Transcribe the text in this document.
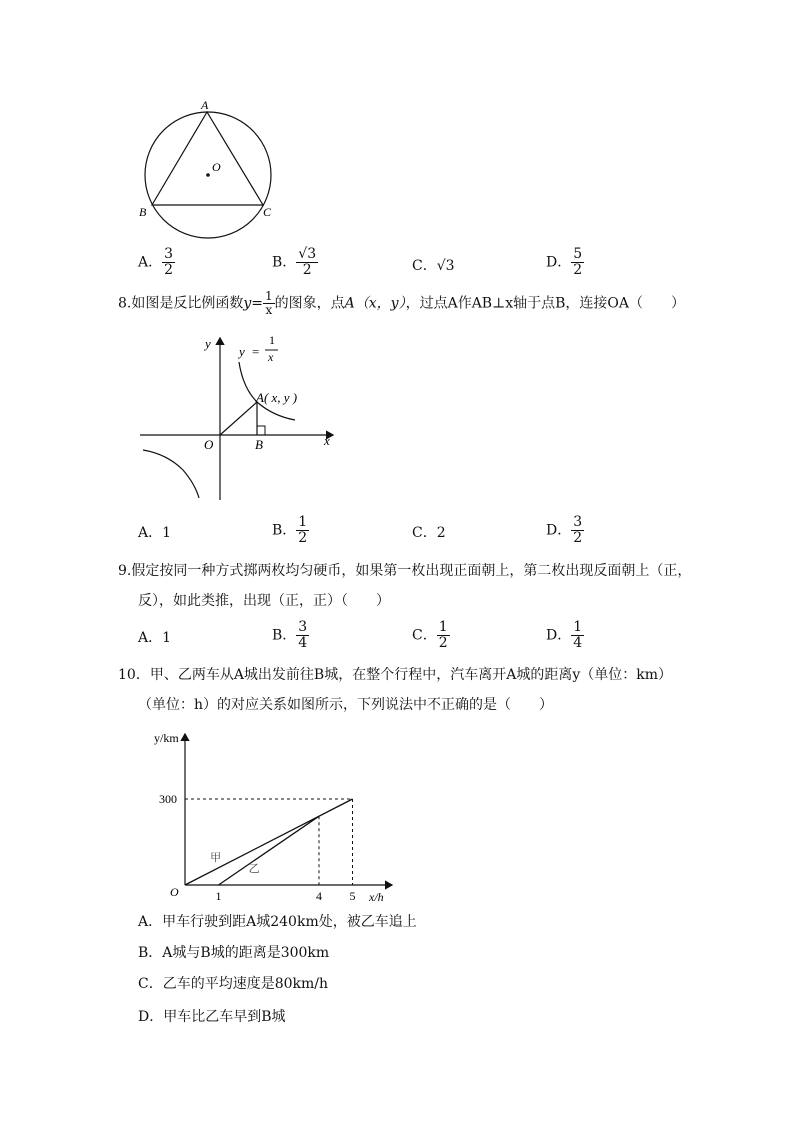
A
O
B	C
A． $\frac{3}{2}$	B． $\frac{√3}{2}$	C．√3	D． $\frac{5}{2}$
8.如图是反比例函数$y= \frac{1}{x}$ 的图象，点A（x，y），过点A作AB⊥x轴于点B，连接OA（　　）
y
x
O	B
A( x, y )
y =
1
x
A．1	B． $\frac{1}{2}$	C．2	D． $\frac{3}{2}$
9.假定按同一种方式掷两枚均匀硬币，如果第一枚出现正面朝上，第二枚出现反面朝上（正，
反），如此类推，出现（正，正）（　　）
A．1	B． $\frac{3}{4}$	C． $\frac{1}{2}$	D． $\frac{1}{4}$
10．甲、乙两车从A城出发前往B城，在整个行程中，汽车离开A城的距离y（单位：km）
（单位：h）的对应关系如图所示，下列说法中不正确的是（　　）
甲
乙
1	4 5
300
y/km
x/h
O
A．甲车行驶到距A城240km处，被乙车追上
B．A城与B城的距离是300km
C．乙车的平均速度是80km/h
D．甲车比乙车早到B城
